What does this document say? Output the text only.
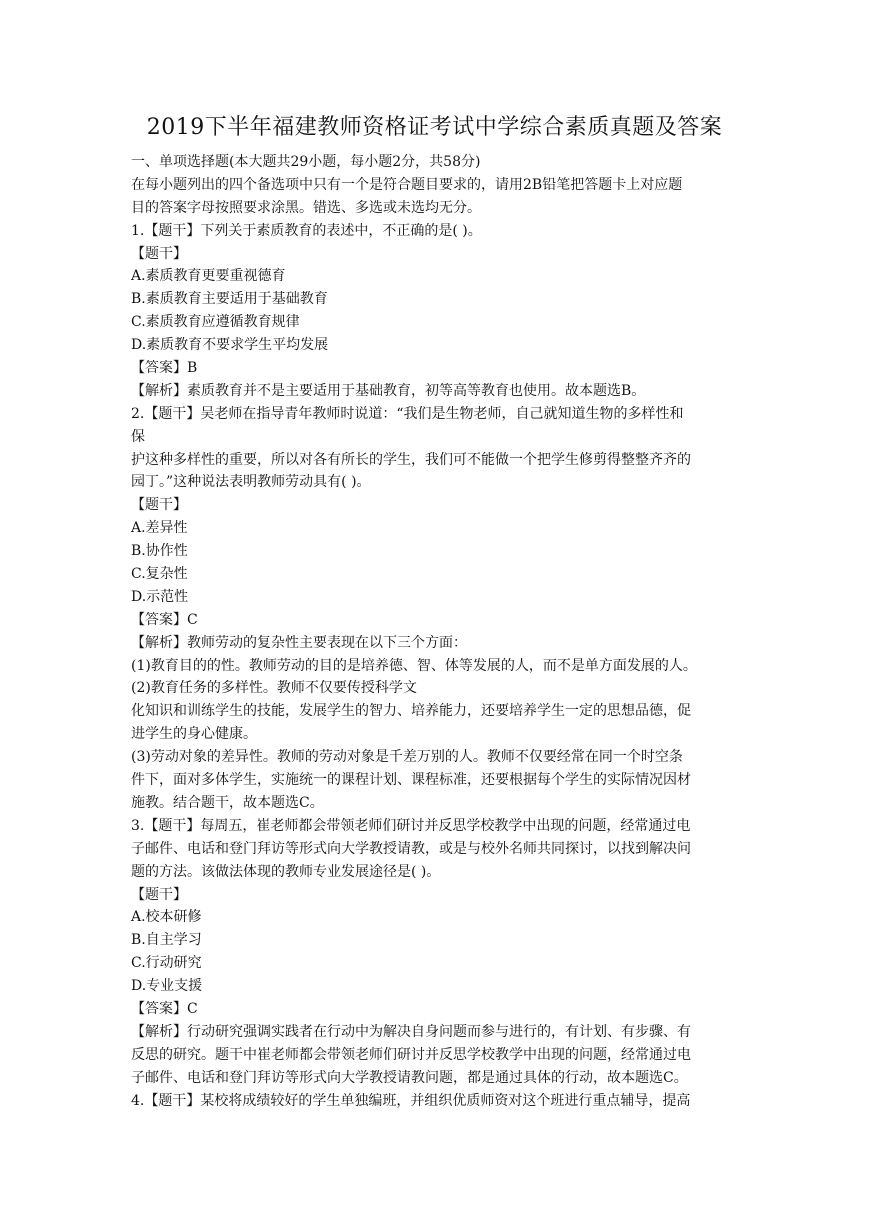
2019下半年福建教师资格证考试中学综合素质真题及答案
一、单项选择题(本大题共29小题，每小题2分，共58分)
在每小题列出的四个备选项中只有一个是符合题目要求的，请用2B铅笔把答题卡上对应题
目的答案字母按照要求涂黑。错选、多选或未选均无分。
1.【题干】下列关于素质教育的表述中，不正确的是( )。
【题干】
A.素质教育更要重视德育
B.素质教育主要适用于基础教育
C.素质教育应遵循教育规律
D.素质教育不要求学生平均发展
【答案】B
【解析】素质教育并不是主要适用于基础教育，初等高等教育也使用。故本题选B。
2.【题干】吴老师在指导青年教师时说道：“我们是生物老师，自己就知道生物的多样性和
保
护这种多样性的重要，所以对各有所长的学生，我们可不能做一个把学生修剪得整整齐齐的
园丁。”这种说法表明教师劳动具有( )。
【题干】
A.差异性
B.协作性
C.复杂性
D.示范性
【答案】C
【解析】教师劳动的复杂性主要表现在以下三个方面：
(1)教育目的的性。教师劳动的目的是培养德、智、体等发展的人，而不是单方面发展的人。
(2)教育任务的多样性。教师不仅要传授科学文
化知识和训练学生的技能，发展学生的智力、培养能力，还要培养学生一定的思想品德，促
进学生的身心健康。
(3)劳动对象的差异性。教师的劳动对象是千差万别的人。教师不仅要经常在同一个时空条
件下，面对多体学生，实施统一的课程计划、课程标准，还要根据每个学生的实际情况因材
施教。结合题干，故本题选C。
3.【题干】每周五，崔老师都会带领老师们研讨并反思学校教学中出现的问题，经常通过电
子邮件、电话和登门拜访等形式向大学教授请教，或是与校外名师共同探讨，以找到解决问
题的方法。该做法体现的教师专业发展途径是( )。
【题干】
A.校本研修
B.自主学习
C.行动研究
D.专业支援
【答案】C
【解析】行动研究强调实践者在行动中为解决自身问题而参与进行的，有计划、有步骤、有
反思的研究。题干中崔老师都会带领老师们研讨并反思学校教学中出现的问题，经常通过电
子邮件、电话和登门拜访等形式向大学教授请教问题，都是通过具体的行动，故本题选C。
4.【题干】某校将成绩较好的学生单独编班，并组织优质师资对这个班进行重点辅导，提高
